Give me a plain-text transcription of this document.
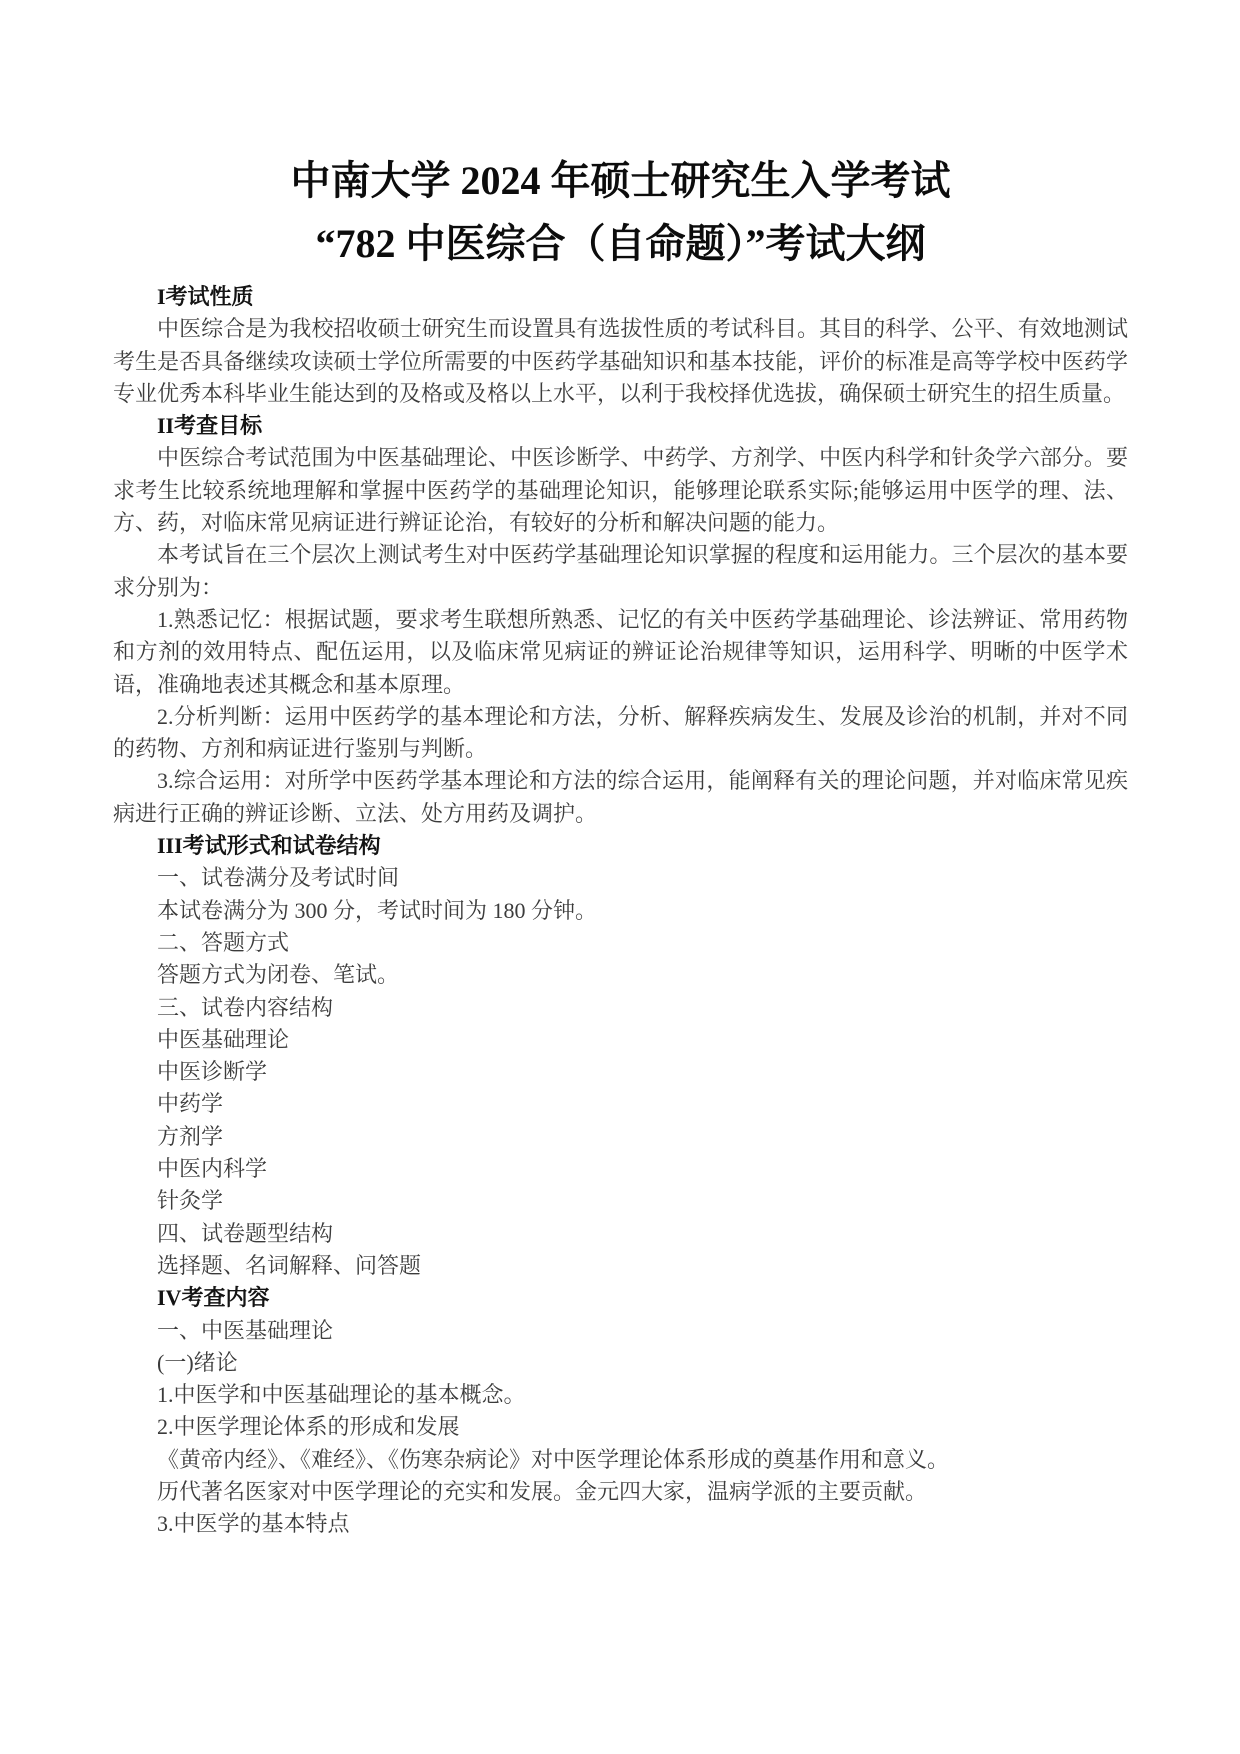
中南大学 2024 年硕士研究生入学考试
“782 中医综合（自命题）”考试大纲

I考试性质

中医综合是为我校招收硕士研究生而设置具有选拔性质的考试科目。其目的科学、公平、有效地测试考生是否具备继续攻读硕士学位所需要的中医药学基础知识和基本技能，评价的标准是高等学校中医药学专业优秀本科毕业生能达到的及格或及格以上水平，以利于我校择优选拔，确保硕士研究生的招生质量。

II考查目标

中医综合考试范围为中医基础理论、中医诊断学、中药学、方剂学、中医内科学和针灸学六部分。要求考生比较系统地理解和掌握中医药学的基础理论知识，能够理论联系实际;能够运用中医学的理、法、方、药，对临床常见病证进行辨证论治，有较好的分析和解决问题的能力。

本考试旨在三个层次上测试考生对中医药学基础理论知识掌握的程度和运用能力。三个层次的基本要求分别为：

1.熟悉记忆：根据试题，要求考生联想所熟悉、记忆的有关中医药学基础理论、诊法辨证、常用药物和方剂的效用特点、配伍运用，以及临床常见病证的辨证论治规律等知识，运用科学、明晰的中医学术语，准确地表述其概念和基本原理。

2.分析判断：运用中医药学的基本理论和方法，分析、解释疾病发生、发展及诊治的机制，并对不同的药物、方剂和病证进行鉴别与判断。

3.综合运用：对所学中医药学基本理论和方法的综合运用，能阐释有关的理论问题，并对临床常见疾病进行正确的辨证诊断、立法、处方用药及调护。

III考试形式和试卷结构

一、试卷满分及考试时间

本试卷满分为 300 分，考试时间为 180 分钟。

二、答题方式

答题方式为闭卷、笔试。

三、试卷内容结构

中医基础理论

中医诊断学

中药学

方剂学

中医内科学

针灸学

四、试卷题型结构

选择题、名词解释、问答题

IV考查内容

一、中医基础理论

(一)绪论

1.中医学和中医基础理论的基本概念。

2.中医学理论体系的形成和发展

《黄帝内经》、《难经》、《伤寒杂病论》对中医学理论体系形成的奠基作用和意义。

历代著名医家对中医学理论的充实和发展。金元四大家，温病学派的主要贡献。

3.中医学的基本特点
